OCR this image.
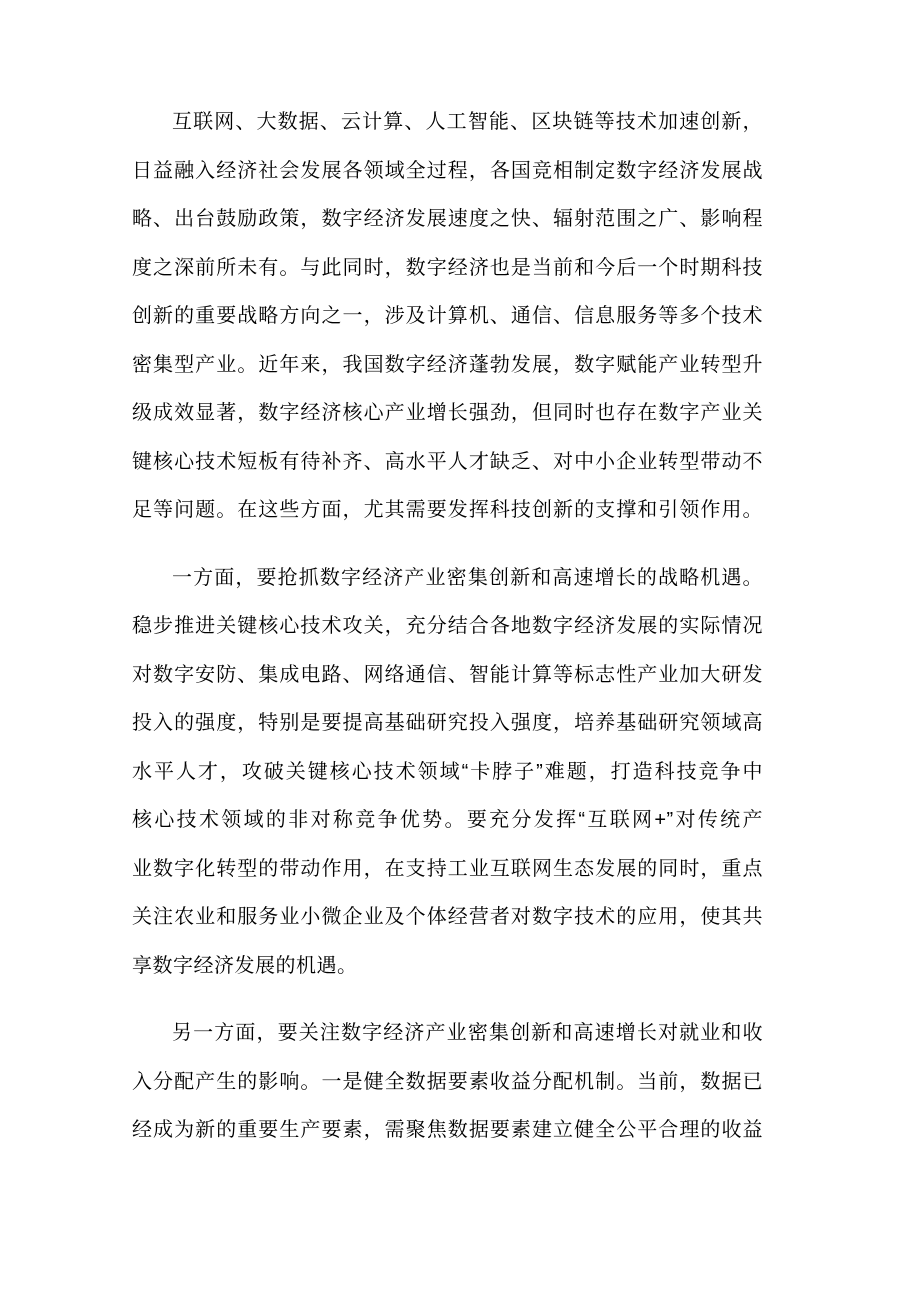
互联网、大数据、云计算、人工智能、区块链等技术加速创新，
日益融入经济社会发展各领域全过程，各国竞相制定数字经济发展战
略、出台鼓励政策，数字经济发展速度之快、辐射范围之广、影响程
度之深前所未有。与此同时，数字经济也是当前和今后一个时期科技
创新的重要战略方向之一，涉及计算机、通信、信息服务等多个技术
密集型产业。近年来，我国数字经济蓬勃发展，数字赋能产业转型升
级成效显著，数字经济核心产业增长强劲，但同时也存在数字产业关
键核心技术短板有待补齐、高水平人才缺乏、对中小企业转型带动不
足等问题。在这些方面，尤其需要发挥科技创新的支撑和引领作用。
一方面，要抢抓数字经济产业密集创新和高速增长的战略机遇。
稳步推进关键核心技术攻关，充分结合各地数字经济发展的实际情况
对数字安防、集成电路、网络通信、智能计算等标志性产业加大研发
投入的强度，特别是要提高基础研究投入强度，培养基础研究领域高
水平人才，攻破关键核心技术领域“卡脖子”难题，打造科技竞争中
核心技术领域的非对称竞争优势。要充分发挥“互联网+”对传统产
业数字化转型的带动作用，在支持工业互联网生态发展的同时，重点
关注农业和服务业小微企业及个体经营者对数字技术的应用，使其共
享数字经济发展的机遇。
另一方面，要关注数字经济产业密集创新和高速增长对就业和收
入分配产生的影响。一是健全数据要素收益分配机制。当前，数据已
经成为新的重要生产要素，需聚焦数据要素建立健全公平合理的收益
